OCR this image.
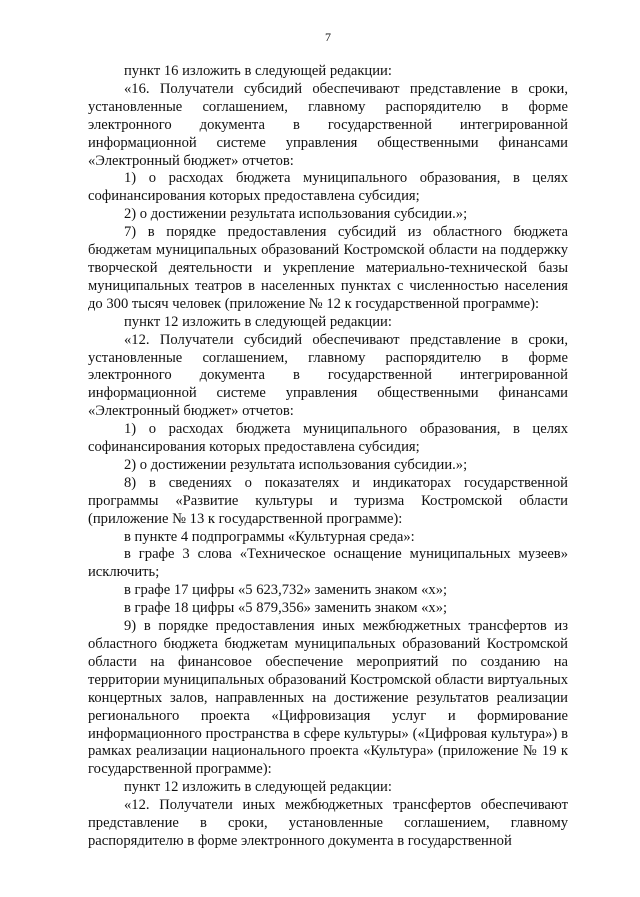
7

пункт 16 изложить в следующей редакции:

«16. Получатели субсидий обеспечивают представление в сроки, установленные соглашением, главному распорядителю в форме электронного документа в государственной интегрированной информационной системе управления общественными финансами «Электронный бюджет» отчетов:

1) о расходах бюджета муниципального образования, в целях софинансирования которых предоставлена субсидия;

2) о достижении результата использования субсидии.»;

7) в порядке предоставления субсидий из областного бюджета бюджетам муниципальных образований Костромской области на поддержку творческой деятельности и укрепление материально-технической базы муниципальных театров в населенных пунктах с численностью населения до 300 тысяч человек (приложение № 12 к государственной программе):

пункт 12 изложить в следующей редакции:

«12. Получатели субсидий обеспечивают представление в сроки, установленные соглашением, главному распорядителю в форме электронного документа в государственной интегрированной информационной системе управления общественными финансами «Электронный бюджет» отчетов:

1) о расходах бюджета муниципального образования, в целях софинансирования которых предоставлена субсидия;

2) о достижении результата использования субсидии.»;

8) в сведениях о показателях и индикаторах государственной программы «Развитие культуры и туризма Костромской области (приложение № 13 к государственной программе):

в пункте 4 подпрограммы «Культурная среда»:

в графе 3 слова «Техническое оснащение муниципальных музеев» исключить;

в графе 17 цифры «5 623,732» заменить знаком «х»;

в графе 18 цифры «5 879,356» заменить знаком «х»;

9) в порядке предоставления иных межбюджетных трансфертов из областного бюджета бюджетам муниципальных образований Костромской области на финансовое обеспечение мероприятий по созданию на территории муниципальных образований Костромской области виртуальных концертных залов, направленных на достижение результатов реализации регионального проекта «Цифровизация услуг и формирование информационного пространства в сфере культуры» («Цифровая культура») в рамках реализации национального проекта «Культура» (приложение № 19 к государственной программе):

пункт 12 изложить в следующей редакции:

«12. Получатели иных межбюджетных трансфертов обеспечивают представление в сроки, установленные соглашением, главному распорядителю в форме электронного документа в государственной
